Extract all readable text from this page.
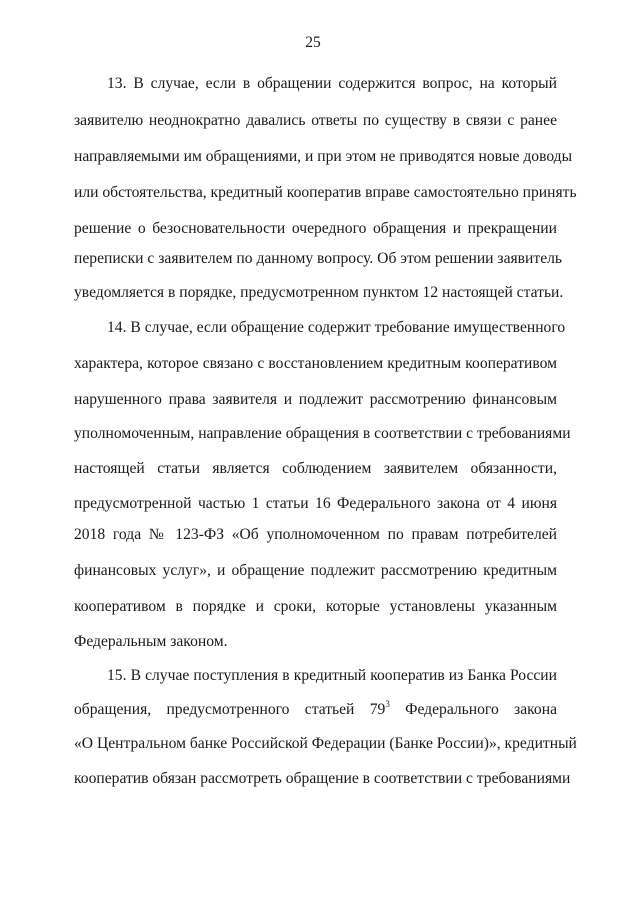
25
13. В случае, если в обращении содержится вопрос, на который
заявителю неоднократно давались ответы по существу в связи с ранее
направляемыми им обращениями, и при этом не приводятся новые доводы
или обстоятельства, кредитный кооператив вправе самостоятельно принять
решение о безосновательности очередного обращения и прекращении
переписки с заявителем по данному вопросу. Об этом решении заявитель
уведомляется в порядке, предусмотренном пунктом 12 настоящей статьи.
14. В случае, если обращение содержит требование имущественного
характера, которое связано с восстановлением кредитным кооперативом
нарушенного права заявителя и подлежит рассмотрению финансовым
уполномоченным, направление обращения в соответствии с требованиями
настоящей статьи является соблюдением заявителем обязанности,
предусмотренной частью 1 статьи 16 Федерального закона от 4 июня
2018 года № 123-ФЗ «Об уполномоченном по правам потребителей
финансовых услуг», и обращение подлежит рассмотрению кредитным
кооперативом в порядке и сроки, которые установлены указанным
Федеральным законом.
15. В случае поступления в кредитный кооператив из Банка России
обращения, предусмотренного статьей $79^3$ Федерального закона
«О Центральном банке Российской Федерации (Банке России)», кредитный
кооператив обязан рассмотреть обращение в соответствии с требованиями
